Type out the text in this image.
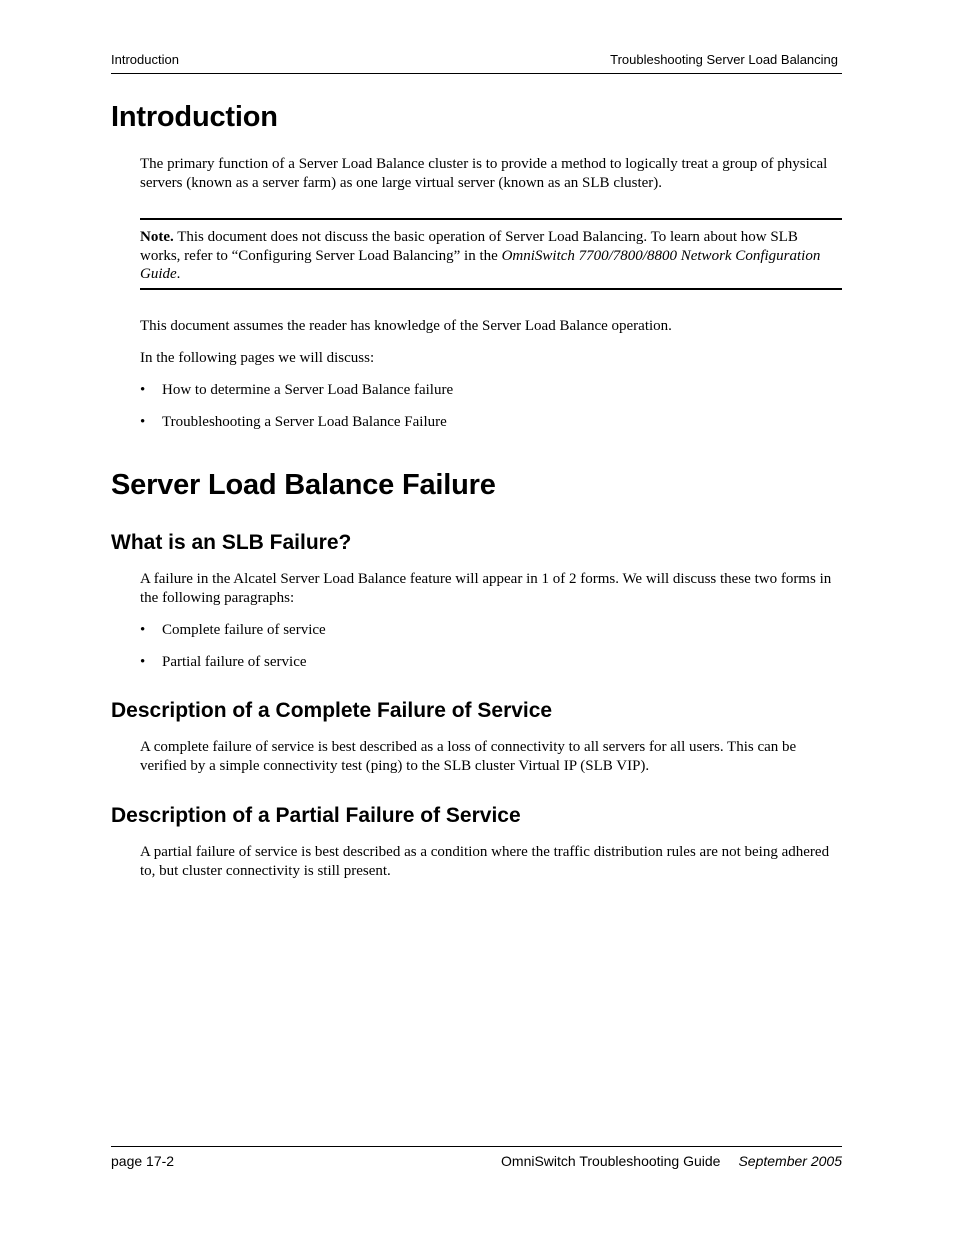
Introduction	Troubleshooting Server Load Balancing
Introduction

The primary function of a Server Load Balance cluster is to provide a method to logically treat a group of physical servers (known as a server farm) as one large virtual server (known as an SLB cluster).

Note. This document does not discuss the basic operation of Server Load Balancing. To learn about how SLB works, refer to “Configuring Server Load Balancing” in the OmniSwitch 7700/7800/8800 Network Configuration Guide.

This document assumes the reader has knowledge of the Server Load Balance operation.

In the following pages we will discuss:

• How to determine a Server Load Balance failure
• Troubleshooting a Server Load Balance Failure
Server Load Balance Failure
What is an SLB Failure?

A failure in the Alcatel Server Load Balance feature will appear in 1 of 2 forms. We will discuss these two forms in the following paragraphs:

• Complete failure of service
• Partial failure of service
Description of a Complete Failure of Service

A complete failure of service is best described as a loss of connectivity to all servers for all users. This can be verified by a simple connectivity test (ping) to the SLB cluster Virtual IP (SLB VIP).

Description of a Partial Failure of Service

A partial failure of service is best described as a condition where the traffic distribution rules are not being adhered to, but cluster connectivity is still present.

page 17-2	OmniSwitch Troubleshooting Guide September 2005
